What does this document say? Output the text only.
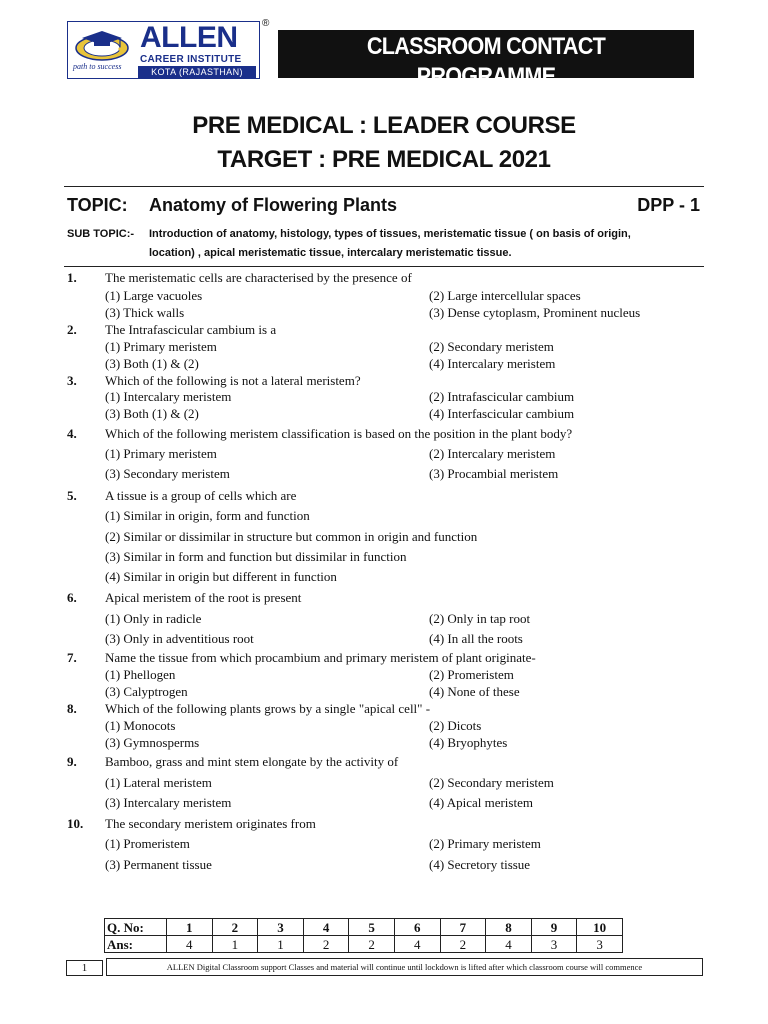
path to success
ALLEN
CAREER INSTITUTE
KOTA (RAJASTHAN)
®
CLASSROOM CONTACT PROGRAMME
(Academic Session : 2020 - 2021)
PRE MEDICAL : LEADER COURSE
TARGET : PRE MEDICAL 2021
TOPIC: Anatomy of Flowering Plants	DPP - 1
SUB TOPIC:- Introduction of anatomy, histology, types of tissues, meristematic tissue ( on basis of origin,
location) , apical meristematic tissue, intercalary meristematic tissue.
1. The meristematic cells are characterised by the presence of
(1) Large vacuoles	(2) Large intercellular spaces
(3) Thick walls	(3) Dense cytoplasm, Prominent nucleus
2. The Intrafascicular cambium is a
(1) Primary meristem	(2) Secondary meristem
(3) Both (1) & (2)	(4) Intercalary meristem
3. Which of the following is not a lateral meristem?
(1) Intercalary meristem	(2) Intrafascicular cambium
(3) Both (1) & (2)	(4) Interfascicular cambium
4. Which of the following meristem classification is based on the position in the plant body?
(1) Primary meristem	(2) Intercalary meristem
(3) Secondary meristem	(3) Procambial meristem
5. A tissue is a group of cells which are
(1) Similar in origin, form and function
(2) Similar or dissimilar in structure but common in origin and function
(3) Similar in form and function but dissimilar in function
(4) Similar in origin but different in function
6. Apical meristem of the root is present
(1) Only in radicle	(2) Only in tap root
(3) Only in adventitious root	(4) In all the roots
7. Name the tissue from which procambium and primary meristem of plant originate-
(1) Phellogen	(2) Promeristem
(3) Calyptrogen	(4) None of these
8. Which of the following plants grows by a single "apical cell" -
(1) Monocots	(2) Dicots
(3) Gymnosperms	(4) Bryophytes
9. Bamboo, grass and mint stem elongate by the activity of
(1) Lateral meristem	(2) Secondary meristem
(3) Intercalary meristem	(4) Apical meristem
10. The secondary meristem originates from
(1) Promeristem	(2) Primary meristem
(3) Permanent tissue	(4) Secretory tissue
Q. No:	1	2	3	4	5	6	7	8	9	10
Ans:	4	1	1	2	2	4	2	4	3	3
1	ALLEN Digital Classroom support Classes and material will continue until lockdown is lifted after which classroom course will commence
